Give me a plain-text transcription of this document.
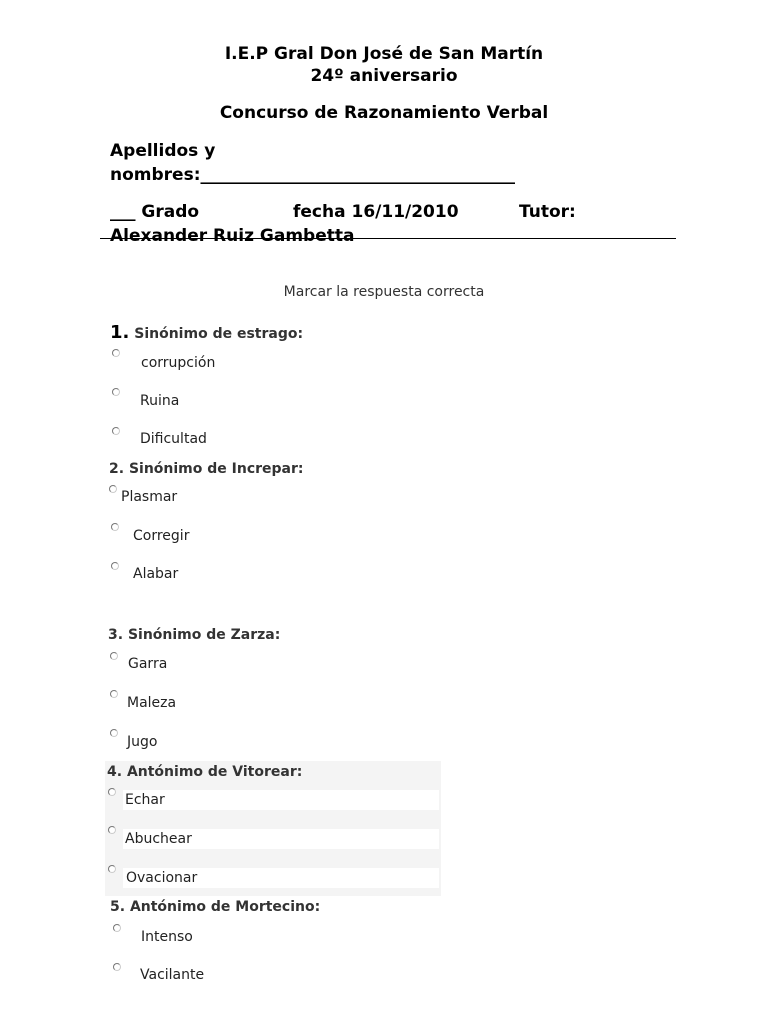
I.E.P Gral Don José de San Martín
24º aniversario
Concurso de Razonamiento Verbal
Apellidos y
nombres:_____________________________________
___ Grado	fecha 16/11/2010	Tutor:
Alexander Ruiz Gambetta
Marcar la respuesta correcta
1. Sinónimo de estrago:
corrupción
Ruina
Dificultad
2. Sinónimo de Increpar:
Plasmar
Corregir
Alabar
3. Sinónimo de Zarza:
Garra
Maleza
Jugo
4. Antónimo de Vitorear:
Echar
Abuchear
Ovacionar
5. Antónimo de Mortecino:
Intenso
Vacilante
